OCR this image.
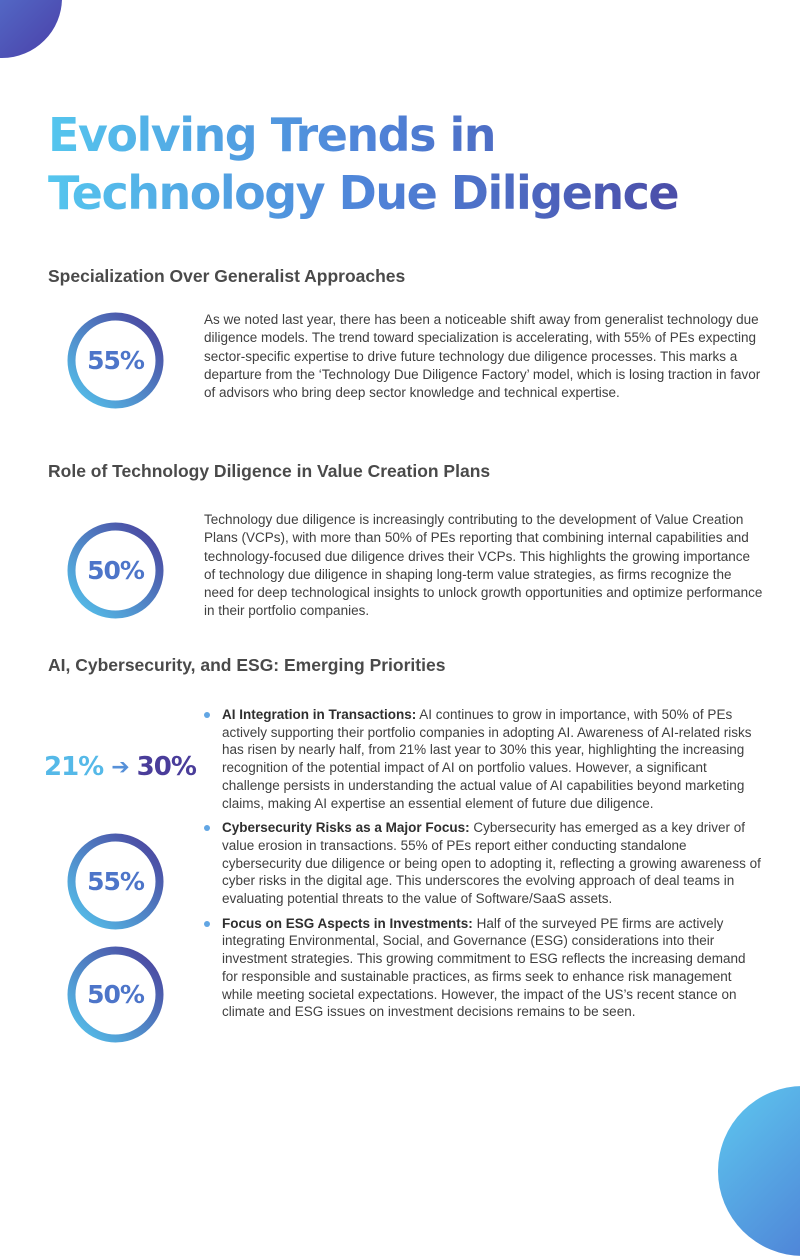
Evolving Trends in Technology Due Diligence
Specialization Over Generalist Approaches
55%

As we noted last year, there has been a noticeable shift away from generalist technology due diligence models. The trend toward specialization is accelerating, with 55% of PEs expecting sector-specific expertise to drive future technology due diligence processes. This marks a departure from the ‘Technology Due Diligence Factory’ model, which is losing traction in favor of advisors who bring deep sector knowledge and technical expertise.

Role of Technology Diligence in Value Creation Plans
50%

Technology due diligence is increasingly contributing to the development of Value Creation Plans (VCPs), with more than 50% of PEs reporting that combining internal capabilities and technology-focused due diligence drives their VCPs. This highlights the growing importance of technology due diligence in shaping long-term value strategies, as firms recognize the need for deep technological insights to unlock growth opportunities and optimize performance in their portfolio companies.

AI, Cybersecurity, and ESG: Emerging Priorities
21% ➔ 30%
55%
50%
AI Integration in Transactions: AI continues to grow in importance, with 50% of PEs actively supporting their portfolio companies in adopting AI. Awareness of AI-related risks has risen by nearly half, from 21% last year to 30% this year, highlighting the increasing recognition of the potential impact of AI on portfolio values. However, a significant challenge persists in understanding the actual value of AI capabilities beyond marketing claims, making AI expertise an essential element of future due diligence.
Cybersecurity Risks as a Major Focus: Cybersecurity has emerged as a key driver of value erosion in transactions. 55% of PEs report either conducting standalone cybersecurity due diligence or being open to adopting it, reflecting a growing awareness of cyber risks in the digital age. This underscores the evolving approach of deal teams in evaluating potential threats to the value of Software/SaaS assets.
Focus on ESG Aspects in Investments: Half of the surveyed PE firms are actively integrating Environmental, Social, and Governance (ESG) considerations into their investment strategies. This growing commitment to ESG reflects the increasing demand for responsible and sustainable practices, as firms seek to enhance risk management while meeting societal expectations. However, the impact of the US’s recent stance on climate and ESG issues on investment decisions remains to be seen.
